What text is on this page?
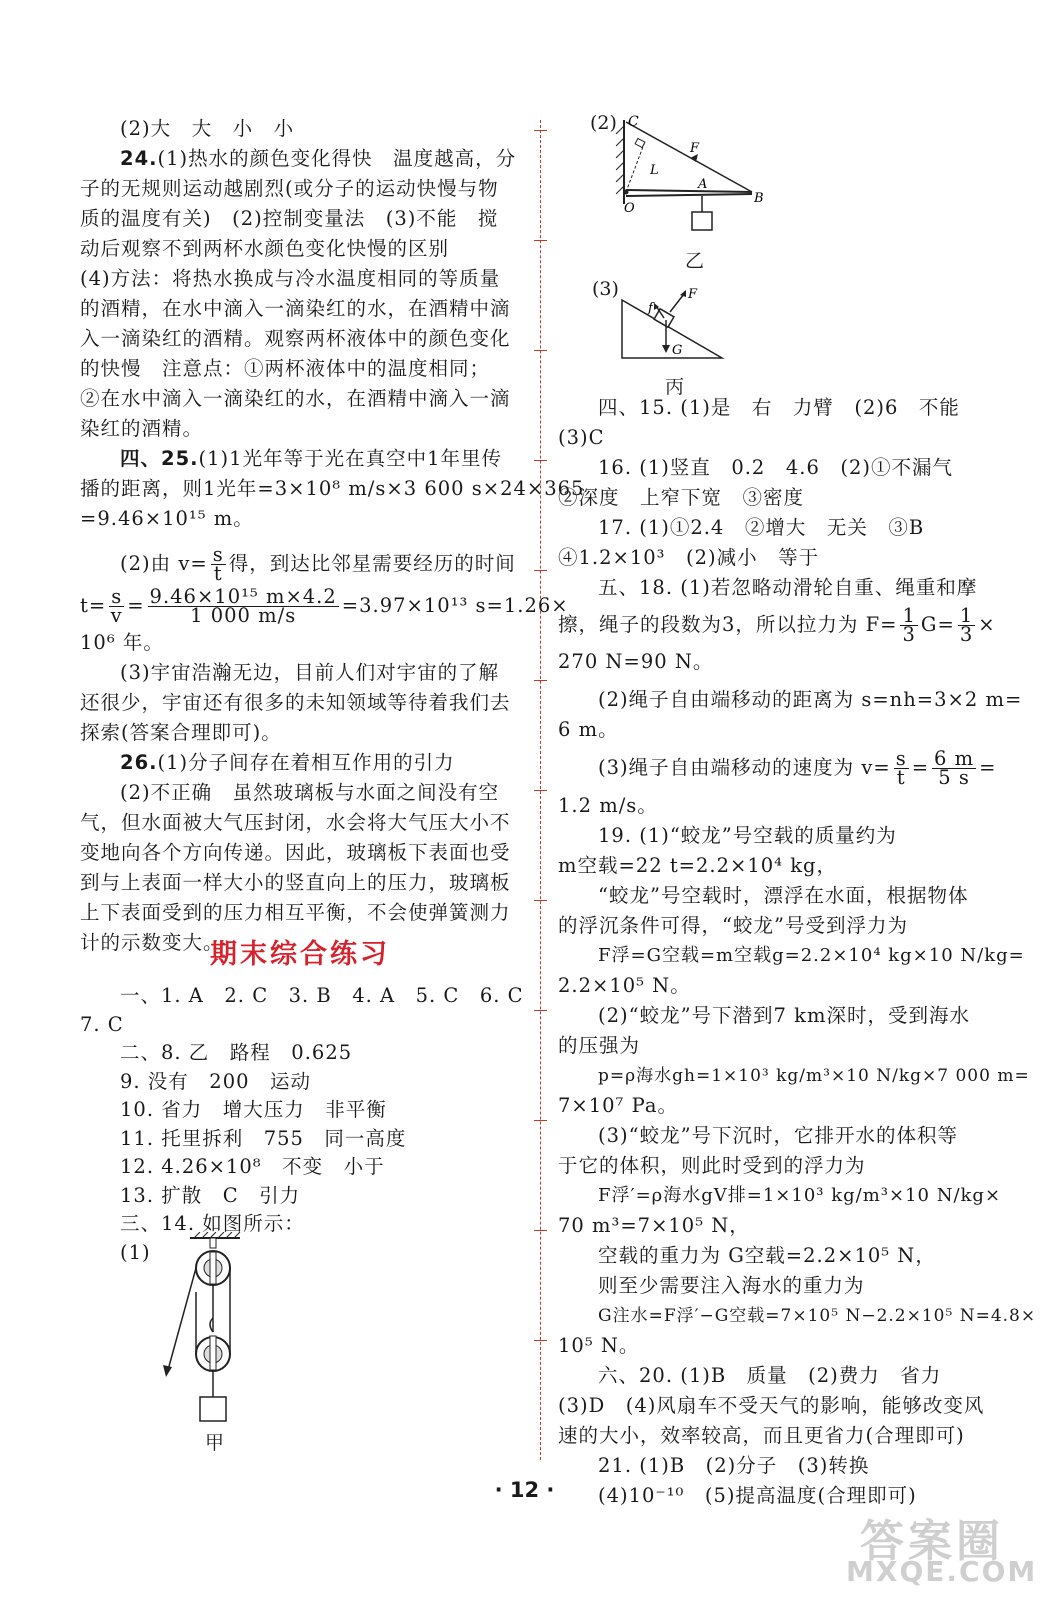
(2)大　大　小　小

24.(1)热水的颜色变化得快　温度越高，分

子的无规则运动越剧烈(或分子的运动快慢与物

质的温度有关)　(2)控制变量法　(3)不能　搅

动后观察不到两杯水颜色变化快慢的区别

(4)方法：将热水换成与冷水温度相同的等质量

的酒精，在水中滴入一滴染红的水，在酒精中滴

入一滴染红的酒精。观察两杯液体中的颜色变化

的快慢　注意点：①两杯液体中的温度相同；

②在水中滴入一滴染红的水，在酒精中滴入一滴

染红的酒精。

四、25.(1)1光年等于光在真空中1年里传

播的距离，则1光年=3×10⁸ m/s×3 600 s×24×365

=9.46×10¹⁵ m。

(2)由 $v= \frac{s}{t}$ 得，到达比邻星需要经历的时间

$t= \frac{s}{v} = \frac{\text{9.46×10¹⁵ m×4.2}}{1 000 m/s} =3.97\times 10^{13}$ s=1.26×

10⁶ 年。

(3)宇宙浩瀚无边，目前人们对宇宙的了解

还很少，宇宙还有很多的未知领域等待着我们去

探索(答案合理即可)。

26.(1)分子间存在着相互作用的引力

(2)不正确　虽然玻璃板与水面之间没有空

气，但水面被大气压封闭，水会将大气压大小不

变地向各个方向传递。因此，玻璃板下表面也受

到与上表面一样大小的竖直向上的压力，玻璃板

上下表面受到的压力相互平衡，不会使弹簧测力

计的示数变大。

期末综合练习

一、1. A　2. C　3. B　4. A　5. C　6. C

7. C

二、8. 乙　路程　0.625

9. 没有　200　运动

10. 省力　增大压力　非平衡

11. 托里拆利　755　同一高度

12. 4.26×10⁸　不变　小于

13. 扩散　C　引力

三、14. 如图所示：

(1)

甲
(2) C
F
L
A
O
B
乙
(3)
f
F
G
丙

四、15. (1)是　右　力臂　(2)6　不能

(3)C

16. (1)竖直　0.2　4.6　(2)①不漏气

②深度　上窄下宽　③密度

17. (1)①2.4　②增大　无关　③B

④1.2×10³　(2)减小　等于

五、18. (1)若忽略动滑轮自重、绳重和摩

擦，绳子的段数为3，所以拉力为 $F= \frac{1}{3} G= \frac{1}{3}$ ×

270 N=90 N。

(2)绳子自由端移动的距离为 s=nh=3×2 m=

6 m。

(3)绳子自由端移动的速度为 $v= \frac{s}{t} = \frac{6 m}{5 s}$ =

1.2 m/s。

19. (1)“蛟龙”号空载的质量约为

m空载=22 t=2.2×10⁴ kg，

“蛟龙”号空载时，漂浮在水面，根据物体

的浮沉条件可得，“蛟龙”号受到浮力为

F浮=G空载=m空载g=2.2×10⁴ kg×10 N/kg=

2.2×10⁵ N。

(2)“蛟龙”号下潜到7 km深时，受到海水

的压强为

p=ρ海水gh=1×10³ kg/m³×10 N/kg×7 000 m=

7×10⁷ Pa。

(3)“蛟龙”号下沉时，它排开水的体积等

于它的体积，则此时受到的浮力为

F浮′=ρ海水gV排=1×10³ kg/m³×10 N/kg×

70 m³=7×10⁵ N，

空载的重力为 G空载=2.2×10⁵ N，

则至少需要注入海水的重力为

G注水=F浮′−G空载=7×10⁵ N−2.2×10⁵ N=4.8×

10⁵ N。

六、20. (1)B　质量　(2)费力　省力

(3)D　(4)风扇车不受天气的影响，能够改变风

速的大小，效率较高，而且更省力(合理即可)

21. (1)B　(2)分子　(3)转换

(4)10⁻¹⁰　(5)提高温度(合理即可)

· 12 ·
答案圈
MXQE.COM
